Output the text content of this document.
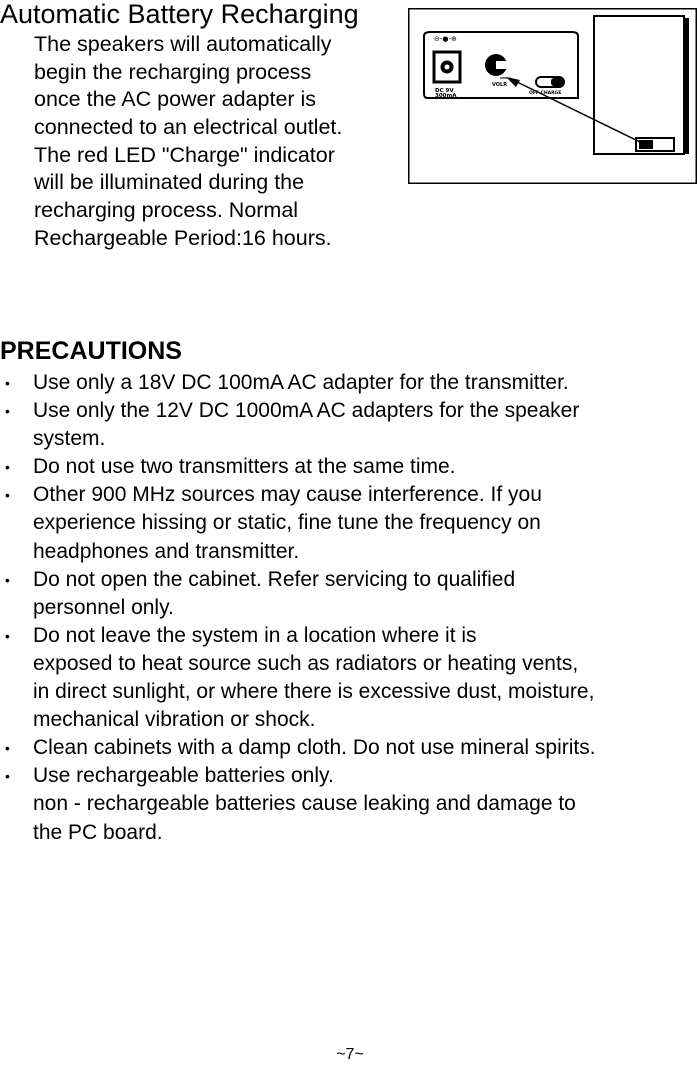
Automatic Battery Recharging
The speakers will automatically
begin the recharging process
once the AC power adapter is
connected to an electrical outlet.
The red LED "Charge" indicator
will be illuminated during the
recharging process. Normal
Rechargeable Period:16 hours.
⊖-●-⊕
DC 9V
300mA
VOLR
OFF CHARGE
PRECAUTIONS
• Use only a 18V DC 100mA AC adapter for the transmitter.
• Use only the 12V DC 1000mA AC adapters for the speaker
system.
• Do not use two transmitters at the same time.
• Other 900 MHz sources may cause interference. If you
experience hissing or static, fine tune the frequency on
headphones and transmitter.
• Do not open the cabinet. Refer servicing to qualified
personnel only.
• Do not leave the system in a location where it is
exposed to heat source such as radiators or heating vents,
in direct sunlight, or where there is excessive dust, moisture,
mechanical vibration or shock.
• Clean cabinets with a damp cloth. Do not use mineral spirits.
• Use rechargeable batteries only.
non - rechargeable batteries cause leaking and damage to
the PC board.
~7~
